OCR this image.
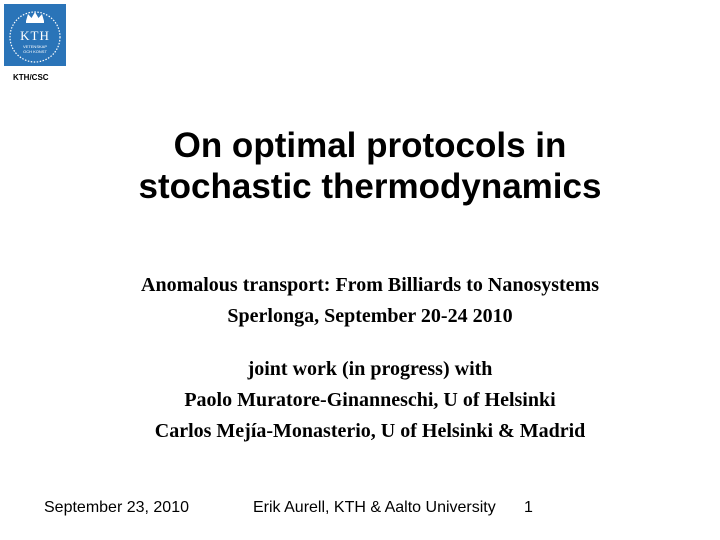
KTH
VETENSKAP
OCH KONST
KTH/CSC
On optimal protocols in
stochastic thermodynamics
Anomalous transport: From Billiards to Nanosystems
Sperlonga, September 20-24 2010
joint work (in progress) with
Paolo Muratore-Ginanneschi, U of Helsinki
Carlos Mejía-Monasterio, U of Helsinki & Madrid
September 23, 2010	Erik Aurell, KTH & Aalto University 1
